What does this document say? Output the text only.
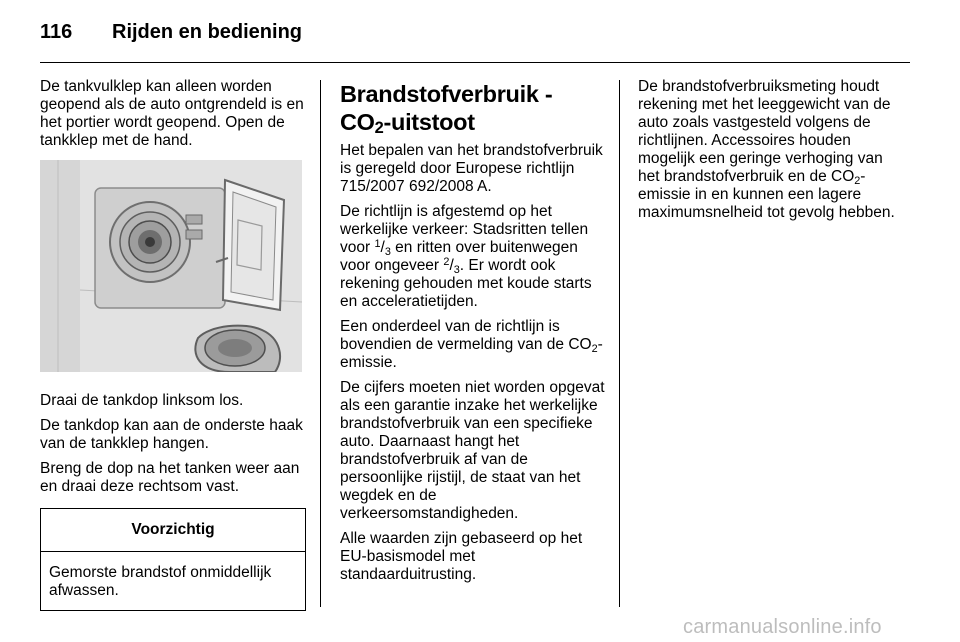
116 Rijden en bediening

De tankvulklep kan alleen worden geopend als de auto ontgrendeld is en het portier wordt geopend. Open de tankklep met de hand.

Draai de tankdop linksom los.

De tankdop kan aan de onderste haak van de tankklep hangen.

Breng de dop na het tanken weer aan en draai deze rechtsom vast.

Voorzichtig
Gemorste brandstof onmiddellijk afwassen.
Brandstofverbruik -
$CO_2$-uitstoot

Het bepalen van het brandstofverbruik is geregeld door Europese richtlijn 715/2007 692/2008 A.

De richtlijn is afgestemd op het werkelijke verkeer: Stadsritten tellen voor $^1/_3$ en ritten over buitenwegen voor ongeveer $^2/_3$. Er wordt ook rekening gehouden met koude starts en acceleratietijden.

Een onderdeel van de richtlijn is bovendien de vermelding van de $CO_2$-emissie.

De cijfers moeten niet worden opgevat als een garantie inzake het werkelijke brandstofverbruik van een specifieke auto. Daarnaast hangt het brandstofverbruik af van de persoonlijke rijstijl, de staat van het wegdek en de verkeersomstandigheden.

Alle waarden zijn gebaseerd op het EU-basismodel met standaarduitrusting.

De brandstofverbruiksmeting houdt rekening met het leeggewicht van de auto zoals vastgesteld volgens de richtlijnen. Accessoires houden mogelijk een geringe verhoging van het brandstofverbruik en de $CO_2$-emissie in en kunnen een lagere maximumsnelheid tot gevolg hebben.

carmanualsonline.info
